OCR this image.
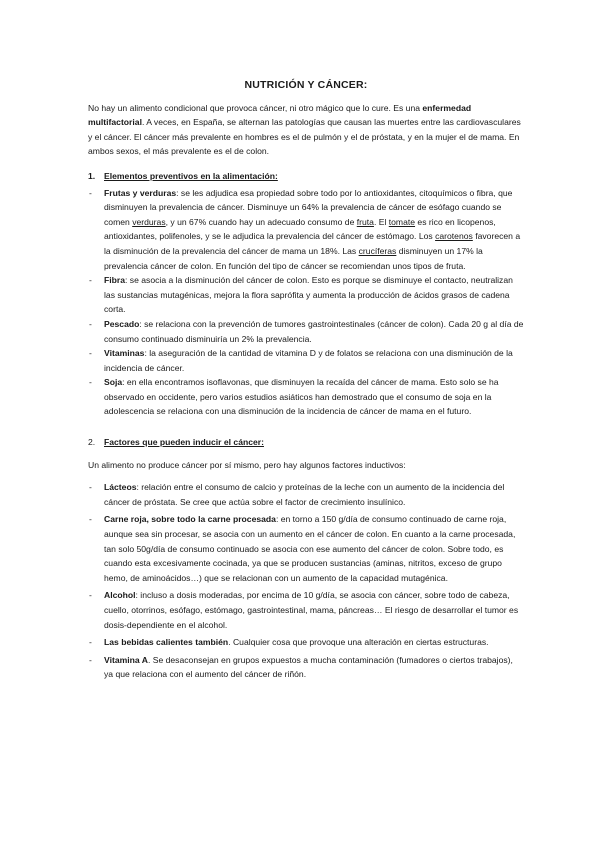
NUTRICIÓN Y CÁNCER:

No hay un alimento condicional que provoca cáncer, ni otro mágico que lo cure. Es una enfermedad multifactorial. A veces, en España, se alternan las patologías que causan las muertes entre las cardiovasculares y el cáncer. El cáncer más prevalente en hombres es el de pulmón y el de próstata, y en la mujer el de mama. En ambos sexos, el más prevalente es el de colon.

1.	Elementos preventivos en la alimentación:
- Frutas y verduras: se les adjudica esa propiedad sobre todo por lo antioxidantes, citoquímicos o fibra, que disminuyen la prevalencia de cáncer. Disminuye un 64% la prevalencia de cáncer de esófago cuando se comen verduras, y un 67% cuando hay un adecuado consumo de fruta. El tomate es rico en licopenos, antioxidantes, polifenoles, y se le adjudica la prevalencia del cáncer de estómago. Los carotenos favorecen a la disminución de la prevalencia del cáncer de mama un 18%. Las crucíferas disminuyen un 17% la prevalencia cáncer de colon. En función del tipo de cáncer se recomiendan unos tipos de fruta.
- Fibra: se asocia a la disminución del cáncer de colon. Esto es porque se disminuye el contacto, neutralizan las sustancias mutagénicas, mejora la flora saprófita y aumenta la producción de ácidos grasos de cadena corta.
- Pescado: se relaciona con la prevención de tumores gastrointestinales (cáncer de colon). Cada 20 g al día de consumo continuado disminuiría un 2% la prevalencia.
- Vitaminas: la aseguración de la cantidad de vitamina D y de folatos se relaciona con una disminución de la incidencia de cáncer.
- Soja: en ella encontramos isoflavonas, que disminuyen la recaída del cáncer de mama. Esto solo se ha observado en occidente, pero varios estudios asiáticos han demostrado que el consumo de soja en la adolescencia se relaciona con una disminución de la incidencia de cáncer de mama en el futuro.
2.	Factores que pueden inducir el cáncer:

Un alimento no produce cáncer por sí mismo, pero hay algunos factores inductivos:

- Lácteos: relación entre el consumo de calcio y proteínas de la leche con un aumento de la incidencia del cáncer de próstata. Se cree que actúa sobre el factor de crecimiento insulínico.
- Carne roja, sobre todo la carne procesada: en torno a 150 g/día de consumo continuado de carne roja, aunque sea sin procesar, se asocia con un aumento en el cáncer de colon. En cuanto a la carne procesada, tan solo 50g/día de consumo continuado se asocia con ese aumento del cáncer de colon. Sobre todo, es cuando esta excesivamente cocinada, ya que se producen sustancias (aminas, nitritos, exceso de grupo hemo, de aminoácidos…) que se relacionan con un aumento de la capacidad mutagénica.
- Alcohol: incluso a dosis moderadas, por encima de 10 g/día, se asocia con cáncer, sobre todo de cabeza, cuello, otorrinos, esófago, estómago, gastrointestinal, mama, páncreas… El riesgo de desarrollar el tumor es dosis-dependiente en el alcohol.
- Las bebidas calientes también. Cualquier cosa que provoque una alteración en ciertas estructuras.
- Vitamina A. Se desaconsejan en grupos expuestos a mucha contaminación (fumadores o ciertos trabajos), ya que relaciona con el aumento del cáncer de riñón.
